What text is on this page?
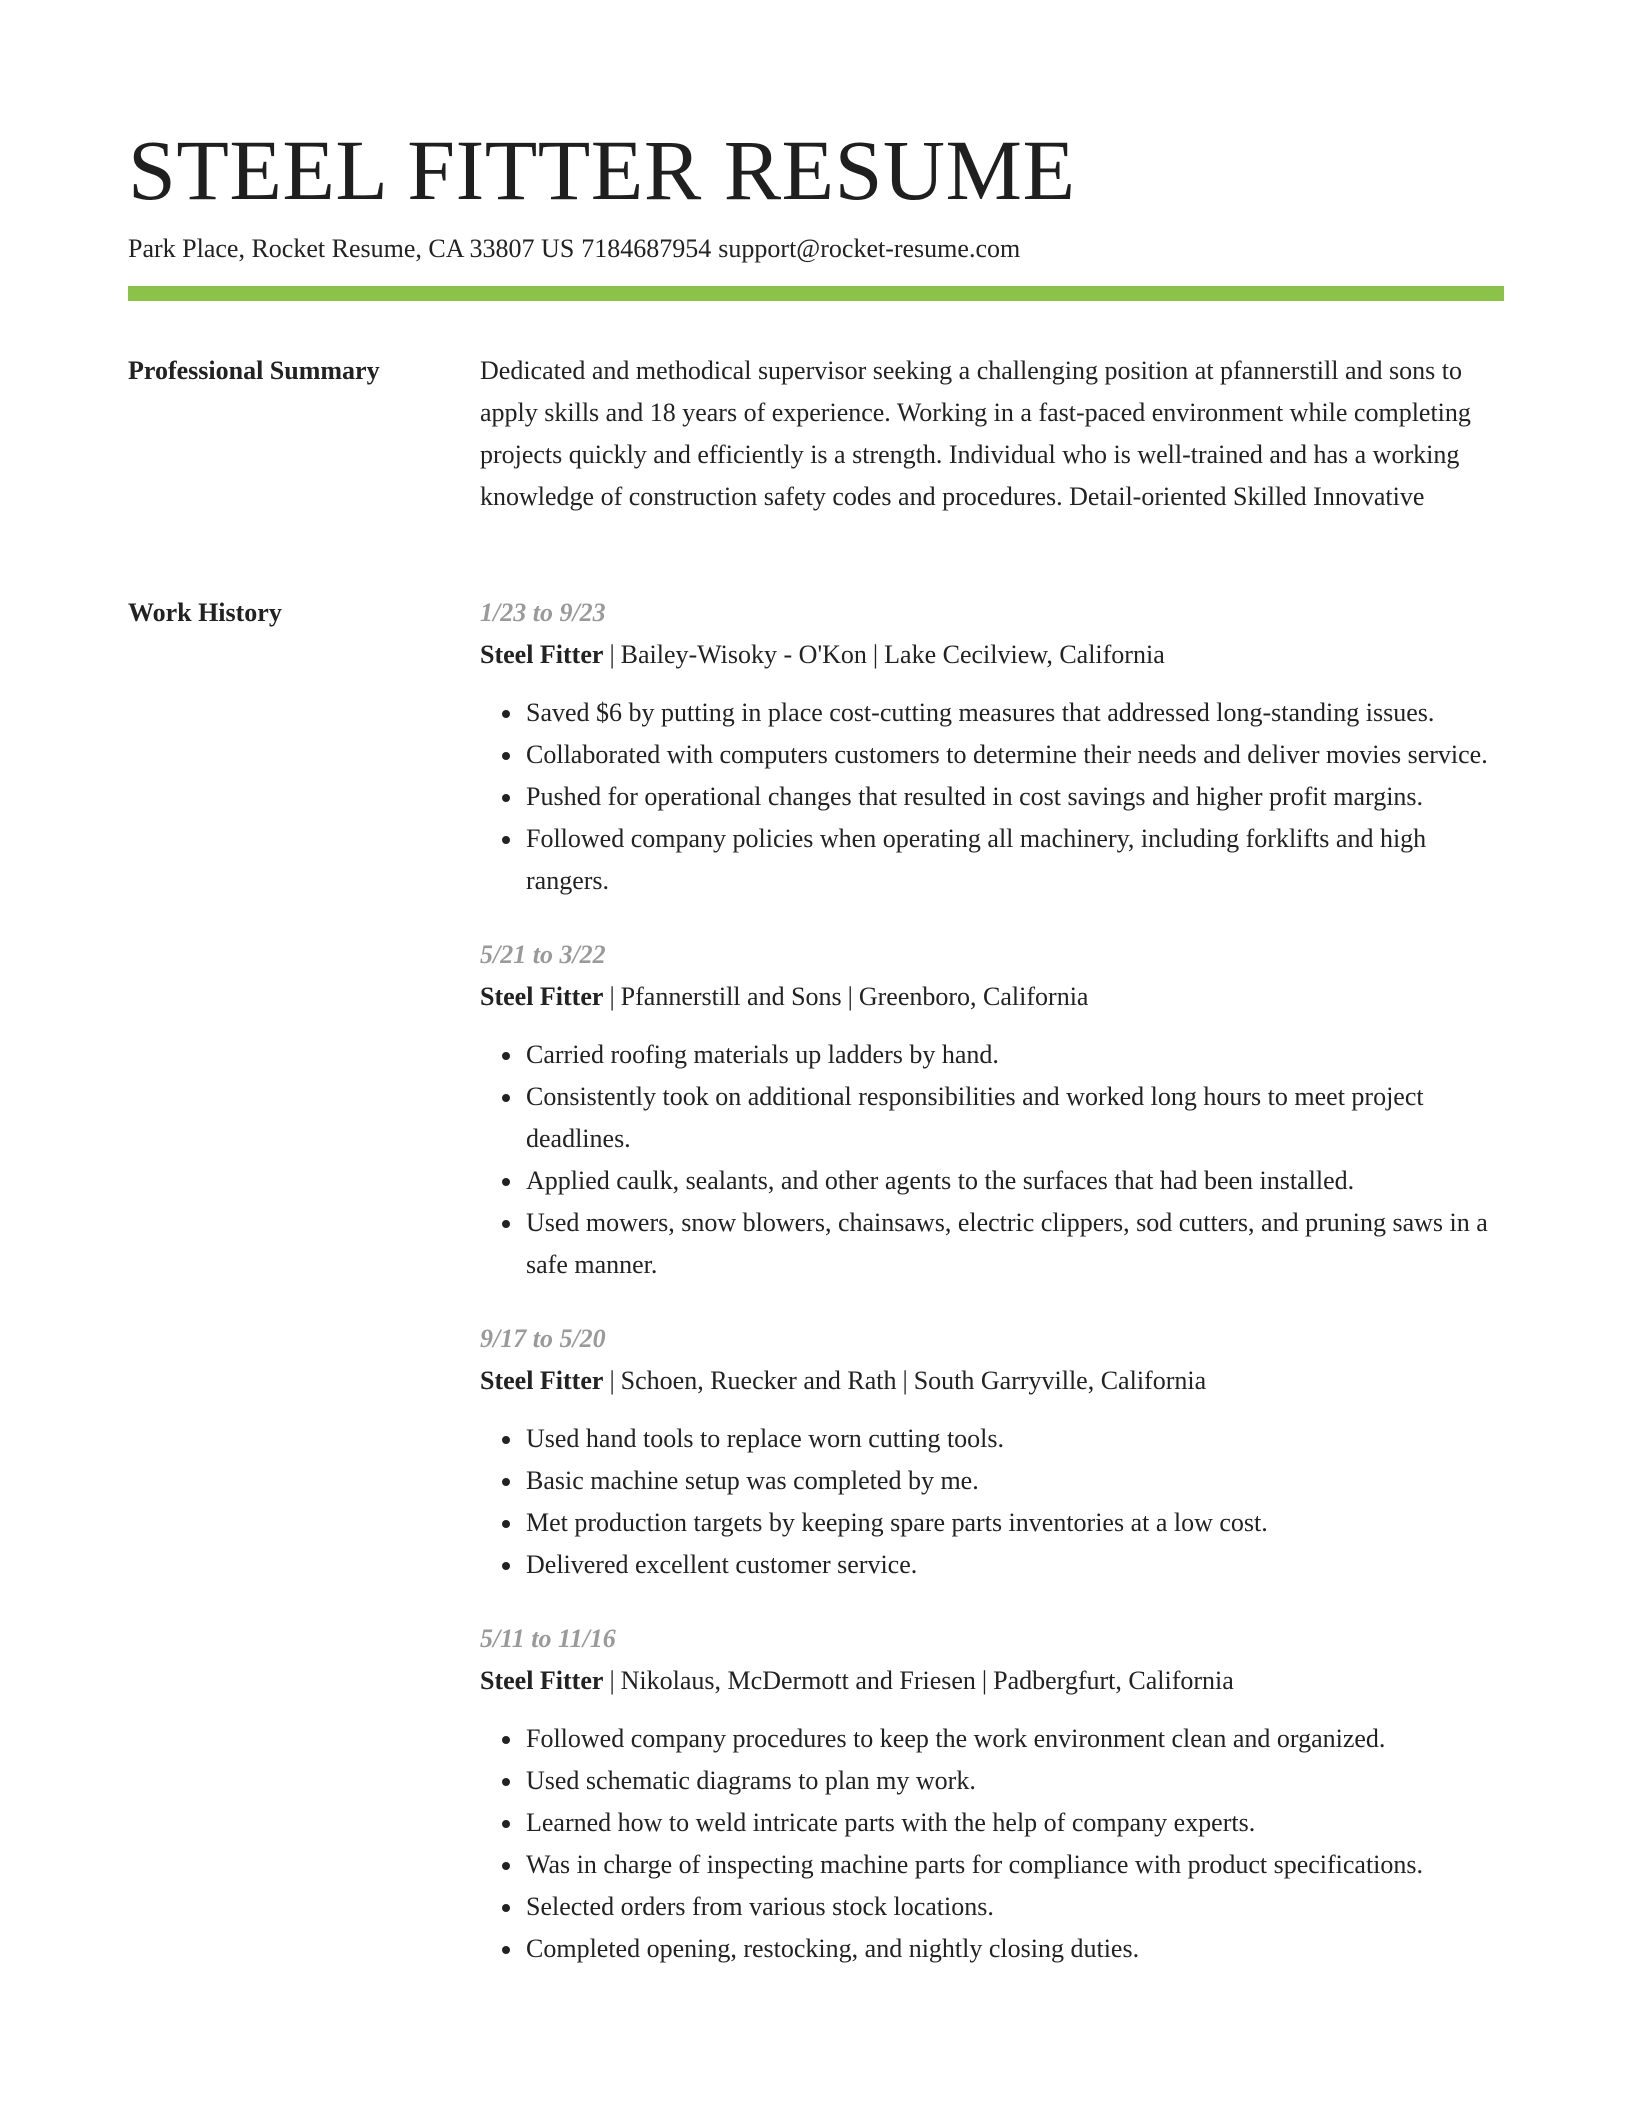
STEEL FITTER RESUME
Park Place, Rocket Resume, CA 33807 US 7184687954 support@rocket-resume.com
Professional Summary	Dedicated and methodical supervisor seeking a challenging position at pfannerstill and sons to apply skills and 18 years of experience. Working in a fast-paced environment while completing projects quickly and efficiently is a strength. Individual who is well-trained and has a working knowledge of construction safety codes and procedures. Detail-oriented Skilled Innovative

Work History	1/23 to 9/23
Steel Fitter | Bailey-Wisoky - O'Kon | Lake Cecilview, California
• Saved $6 by putting in place cost-cutting measures that addressed long-standing issues.
• Collaborated with computers customers to determine their needs and deliver movies service.
• Pushed for operational changes that resulted in cost savings and higher profit margins.
• Followed company policies when operating all machinery, including forklifts and high rangers.
5/21 to 3/22
Steel Fitter | Pfannerstill and Sons | Greenboro, California
• Carried roofing materials up ladders by hand.
• Consistently took on additional responsibilities and worked long hours to meet project deadlines.
• Applied caulk, sealants, and other agents to the surfaces that had been installed.
• Used mowers, snow blowers, chainsaws, electric clippers, sod cutters, and pruning saws in a safe manner.
9/17 to 5/20
Steel Fitter | Schoen, Ruecker and Rath | South Garryville, California
• Used hand tools to replace worn cutting tools.
• Basic machine setup was completed by me.
• Met production targets by keeping spare parts inventories at a low cost.
• Delivered excellent customer service.
5/11 to 11/16
Steel Fitter | Nikolaus, McDermott and Friesen | Padbergfurt, California
• Followed company procedures to keep the work environment clean and organized.
• Used schematic diagrams to plan my work.
• Learned how to weld intricate parts with the help of company experts.
• Was in charge of inspecting machine parts for compliance with product specifications.
• Selected orders from various stock locations.
• Completed opening, restocking, and nightly closing duties.
